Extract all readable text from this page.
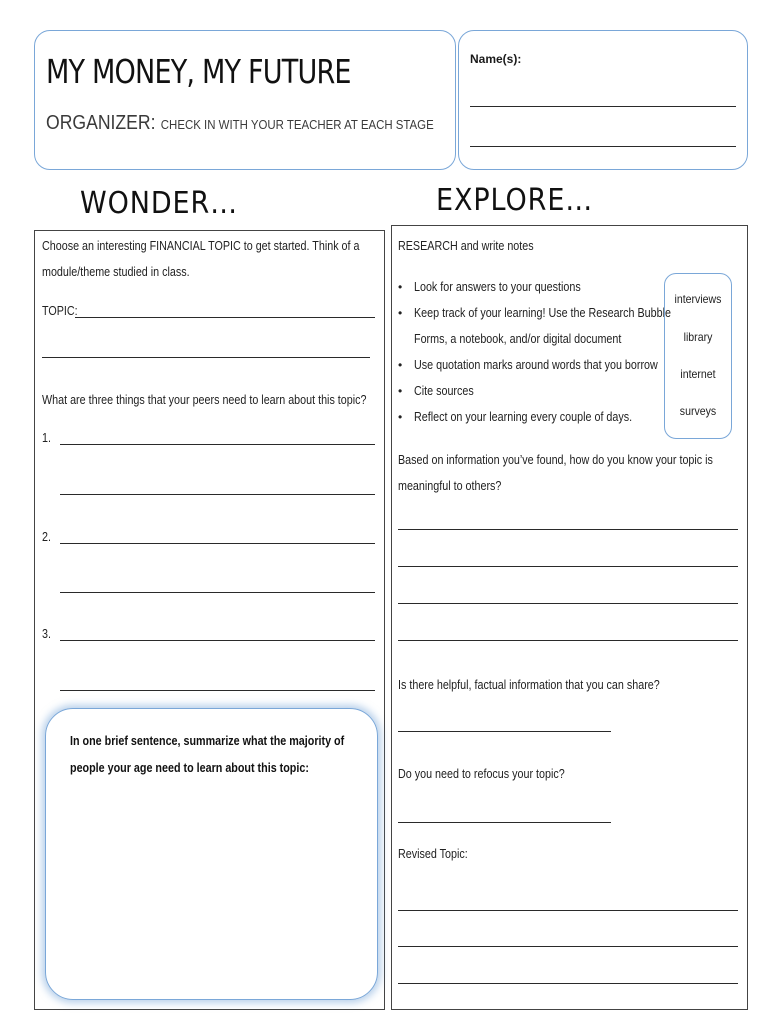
MY MONEY, MY FUTURE
ORGANIZER: CHECK IN WITH YOUR TEACHER AT EACH STAGE
Name(s):
WONDER…	EXPLORE…
Choose an interesting FINANCIAL TOPIC to get started. Think of a
module/theme studied in class.
TOPIC:
What are three things that your peers need to learn about this topic?
1.
2.
3.
In one brief sentence, summarize what the majority of
people your age need to learn about this topic:
RESEARCH and write notes
• Look for answers to your questions
• Keep track of your learning! Use the Research Bubble
Forms, a notebook, and/or digital document
• Use quotation marks around words that you borrow
• Cite sources
• Reflect on your learning every couple of days.
interviews
library
internet
surveys
Based on information you’ve found, how do you know your topic is
meaningful to others?
Is there helpful, factual information that you can share?
Do you need to refocus your topic?
Revised Topic:
